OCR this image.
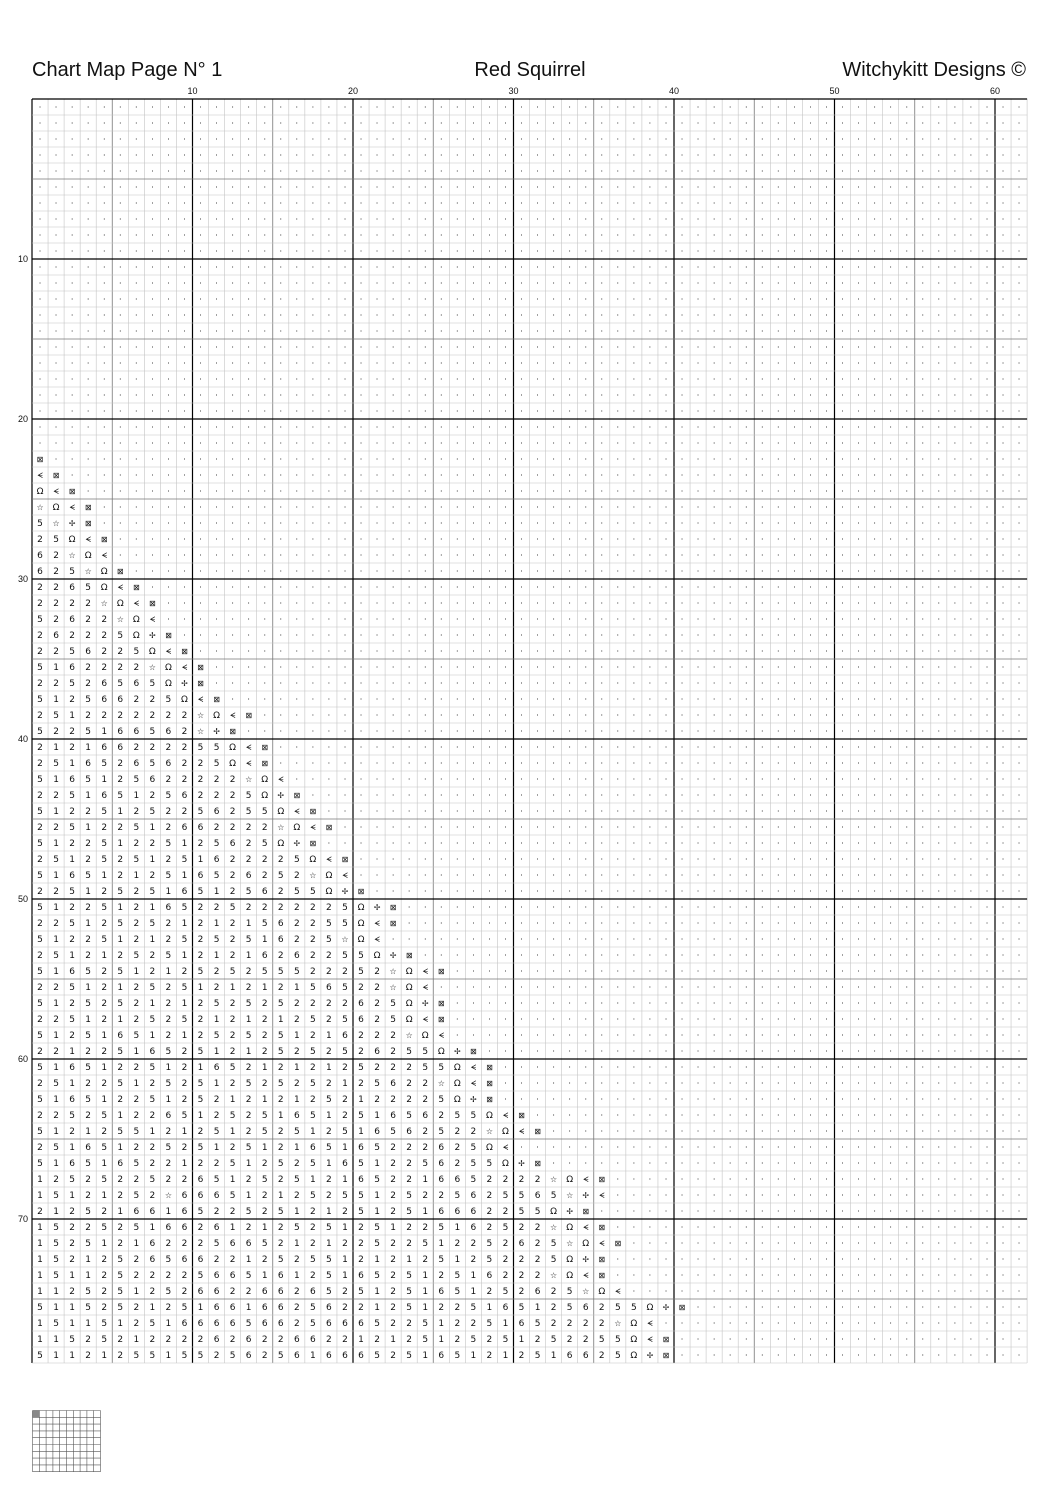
Chart Map Page N° 1	Red Squirrel	Witchykitt Designs ©
10	20	30	40	50	60
10
20
30
40
50
60
70
· · · · · · · · · · · · · · · · · · · · · · · · · · · · · · · · · · · · · · · · · · · · · · · · · · · · · · · · · · · · · ·
· · · · · · · · · · · · · · · · · · · · · · · · · · · · · · · · · · · · · · · · · · · · · · · · · · · · · · · · · · · · · ·
· · · · · · · · · · · · · · · · · · · · · · · · · · · · · · · · · · · · · · · · · · · · · · · · · · · · · · · · · · · · · ·
· · · · · · · · · · · · · · · · · · · · · · · · · · · · · · · · · · · · · · · · · · · · · · · · · · · · · · · · · · · · · ·
· · · · · · · · · · · · · · · · · · · · · · · · · · · · · · · · · · · · · · · · · · · · · · · · · · · · · · · · · · · · · ·
· · · · · · · · · · · · · · · · · · · · · · · · · · · · · · · · · · · · · · · · · · · · · · · · · · · · · · · · · · · · · ·
· · · · · · · · · · · · · · · · · · · · · · · · · · · · · · · · · · · · · · · · · · · · · · · · · · · · · · · · · · · · · ·
· · · · · · · · · · · · · · · · · · · · · · · · · · · · · · · · · · · · · · · · · · · · · · · · · · · · · · · · · · · · · ·
· · · · · · · · · · · · · · · · · · · · · · · · · · · · · · · · · · · · · · · · · · · · · · · · · · · · · · · · · · · · · ·
· · · · · · · · · · · · · · · · · · · · · · · · · · · · · · · · · · · · · · · · · · · · · · · · · · · · · · · · · · · · · ·
· · · · · · · · · · · · · · · · · · · · · · · · · · · · · · · · · · · · · · · · · · · · · · · · · · · · · · · · · · · · · ·
· · · · · · · · · · · · · · · · · · · · · · · · · · · · · · · · · · · · · · · · · · · · · · · · · · · · · · · · · · · · · ·
· · · · · · · · · · · · · · · · · · · · · · · · · · · · · · · · · · · · · · · · · · · · · · · · · · · · · · · · · · · · · ·
· · · · · · · · · · · · · · · · · · · · · · · · · · · · · · · · · · · · · · · · · · · · · · · · · · · · · · · · · · · · · ·
· · · · · · · · · · · · · · · · · · · · · · · · · · · · · · · · · · · · · · · · · · · · · · · · · · · · · · · · · · · · · ·
· · · · · · · · · · · · · · · · · · · · · · · · · · · · · · · · · · · · · · · · · · · · · · · · · · · · · · · · · · · · · ·
· · · · · · · · · · · · · · · · · · · · · · · · · · · · · · · · · · · · · · · · · · · · · · · · · · · · · · · · · · · · · ·
· · · · · · · · · · · · · · · · · · · · · · · · · · · · · · · · · · · · · · · · · · · · · · · · · · · · · · · · · · · · · ·
· · · · · · · · · · · · · · · · · · · · · · · · · · · · · · · · · · · · · · · · · · · · · · · · · · · · · · · · · · · · · ·
· · · · · · · · · · · · · · · · · · · · · · · · · · · · · · · · · · · · · · · · · · · · · · · · · · · · · · · · · · · · · ·
· · · · · · · · · · · · · · · · · · · · · · · · · · · · · · · · · · · · · · · · · · · · · · · · · · · · · · · · · · · · · ·
· · · · · · · · · · · · · · · · · · · · · · · · · · · · · · · · · · · · · · · · · · · · · · · · · · · · · · · · · · · · · ·
⊠ · · · · · · · · · · · · · · · · · · · · · · · · · · · · · · · · · · · · · · · · · · · · · · · · · · · · · · · · · · · · ·
ᗕ ⊠ · · · · · · · · · · · · · · · · · · · · · · · · · · · · · · · · · · · · · · · · · · · · · · · · · · · · · · · · · · · ·
Ω ᗕ ⊠ · · · · · · · · · · · · · · · · · · · · · · · · · · · · · · · · · · · · · · · · · · · · · · · · · · · · · · · · · · ·
☆ Ω ᗕ ⊠ · · · · · · · · · · · · · · · · · · · · · · · · · · · · · · · · · · · · · · · · · · · · · · · · · · · · · · · · · ·
5 ☆ ✢ ⊠ · · · · · · · · · · · · · · · · · · · · · · · · · · · · · · · · · · · · · · · · · · · · · · · · · · · · · · · · · ·
2 5 Ω ᗕ ⊠ · · · · · · · · · · · · · · · · · · · · · · · · · · · · · · · · · · · · · · · · · · · · · · · · · · · · · · · · ·
6 2 ☆ Ω ᗕ · · · · · · · · · · · · · · · · · · · · · · · · · · · · · · · · · · · · · · · · · · · · · · · · · · · · · · · · ·
6 2 5 ☆ Ω ⊠ · · · · · · · · · · · · · · · · · · · · · · · · · · · · · · · · · · · · · · · · · · · · · · · · · · · · · · · ·
2 2 6 5 Ω ᗕ ⊠ · · · · · · · · · · · · · · · · · · · · · · · · · · · · · · · · · · · · · · · · · · · · · · · · · · · · · · ·
2 2 2 2 ☆ Ω ᗕ ⊠ · · · · · · · · · · · · · · · · · · · · · · · · · · · · · · · · · · · · · · · · · · · · · · · · · · · · · ·
5 2 6 2 2 ☆ Ω ᗕ · · · · · · · · · · · · · · · · · · · · · · · · · · · · · · · · · · · · · · · · · · · · · · · · · · · · · ·
2 6 2 2 2 5 Ω ✢ ⊠ · · · · · · · · · · · · · · · · · · · · · · · · · · · · · · · · · · · · · · · · · · · · · · · · · · · · ·
2 2 5 6 2 2 5 Ω ᗕ ⊠ · · · · · · · · · · · · · · · · · · · · · · · · · · · · · · · · · · · · · · · · · · · · · · · · · · · ·
5 1 6 2 2 2 2 ☆ Ω ᗕ ⊠ · · · · · · · · · · · · · · · · · · · · · · · · · · · · · · · · · · · · · · · · · · · · · · · · · · ·
2 2 5 2 6 5 6 5 Ω ✢ ⊠ · · · · · · · · · · · · · · · · · · · · · · · · · · · · · · · · · · · · · · · · · · · · · · · · · · ·
5 1 2 5 6 6 2 2 5 Ω ᗕ ⊠ · · · · · · · · · · · · · · · · · · · · · · · · · · · · · · · · · · · · · · · · · · · · · · · · · ·
2 5 1 2 2 2 2 2 2 2 ☆ Ω ᗕ ⊠ · · · · · · · · · · · · · · · · · · · · · · · · · · · · · · · · · · · · · · · · · · · · · · · ·
5 2 2 5 1 6 6 5 6 2 ☆ ✢ ⊠ · · · · · · · · · · · · · · · · · · · · · · · · · · · · · · · · · · · · · · · · · · · · · · · · ·
2 1 2 1 6 6 2 2 2 2 5 5 Ω ᗕ ⊠ · · · · · · · · · · · · · · · · · · · · · · · · · · · · · · · · · · · · · · · · · · · · · · ·
2 5 1 6 5 2 6 5 6 2 2 5 Ω ᗕ ⊠ · · · · · · · · · · · · · · · · · · · · · · · · · · · · · · · · · · · · · · · · · · · · · · ·
5 1 6 5 1 2 5 6 2 2 2 2 2 ☆ Ω ᗕ · · · · · · · · · · · · · · · · · · · · · · · · · · · · · · · · · · · · · · · · · · · · · ·
2 2 5 1 6 5 1 2 5 6 2 2 2 5 Ω ✢ ⊠ · · · · · · · · · · · · · · · · · · · · · · · · · · · · · · · · · · · · · · · · · · · · ·
5 1 2 2 5 1 2 5 2 2 5 6 2 5 5 Ω ᗕ ⊠ · · · · · · · · · · · · · · · · · · · · · · · · · · · · · · · · · · · · · · · · · · · ·
2 2 5 1 2 2 5 1 2 6 6 2 2 2 2 ☆ Ω ᗕ ⊠ · · · · · · · · · · · · · · · · · · · · · · · · · · · · · · · · · · · · · · · · · · ·
5 1 2 2 5 1 2 2 5 1 2 5 6 2 5 Ω ✢ ⊠ · · · · · · · · · · · · · · · · · · · · · · · · · · · · · · · · · · · · · · · · · · · ·
2 5 1 2 5 2 5 1 2 5 1 6 2 2 2 2 5 Ω ᗕ ⊠ · · · · · · · · · · · · · · · · · · · · · · · · · · · · · · · · · · · · · · · · · ·
5 1 6 5 1 2 1 2 5 1 6 5 2 6 2 5 2 ☆ Ω ᗕ · · · · · · · · · · · · · · · · · · · · · · · · · · · · · · · · · · · · · · · · · ·
2 2 5 1 2 5 2 5 1 6 5 1 2 5 6 2 5 5 Ω ✢ ⊠ · · · · · · · · · · · · · · · · · · · · · · · · · · · · · · · · · · · · · · · · ·
5 1 2 2 5 1 2 1 6 5 2 2 5 2 2 2 2 2 2 5 Ω ✢ ⊠ · · · · · · · · · · · · · · · · · · · · · · · · · · · · · · · · · · · · · · ·
2 2 5 1 2 5 2 5 2 1 2 1 2 1 5 6 2 2 5 5 Ω ᗕ ⊠ · · · · · · · · · · · · · · · · · · · · · · · · · · · · · · · · · · · · · · ·
5 1 2 2 5 1 2 1 2 5 2 5 2 5 1 6 2 2 5 ☆ Ω ᗕ · · · · · · · · · · · · · · · · · · · · · · · · · · · · · · · · · · · · · · · ·
2 5 1 2 1 2 5 2 5 1 2 1 2 1 6 2 6 2 2 5 5 Ω ✢ ⊠ · · · · · · · · · · · · · · · · · · · · · · · · · · · · · · · · · · · · · ·
5 1 6 5 2 5 1 2 1 2 5 2 5 2 5 5 5 2 2 2 5 2 ☆ Ω ᗕ ⊠ · · · · · · · · · · · · · · · · · · · · · · · · · · · · · · · · · · · ·
2 2 5 1 2 1 2 5 2 5 1 2 1 2 1 2 1 5 6 5 2 2 ☆ Ω ᗕ · · · · · · · · · · · · · · · · · · · · · · · · · · · · · · · · · · · · ·
5 1 2 5 2 5 2 1 2 1 2 5 2 5 2 5 2 2 2 2 6 2 5 Ω ✢ ⊠ · · · · · · · · · · · · · · · · · · · · · · · · · · · · · · · · · · · ·
2 2 5 1 2 1 2 5 2 5 2 1 2 1 2 1 2 5 2 5 6 2 5 Ω ᗕ ⊠ · · · · · · · · · · · · · · · · · · · · · · · · · · · · · · · · · · · ·
5 1 2 5 1 6 5 1 2 1 2 5 2 5 2 5 1 2 1 6 2 2 2 ☆ Ω ᗕ · · · · · · · · · · · · · · · · · · · · · · · · · · · · · · · · · · · ·
2 2 1 2 2 5 1 6 5 2 5 1 2 1 2 5 2 5 2 5 2 6 2 5 5 Ω ✢ ⊠ · · · · · · · · · · · · · · · · · · · · · · · · · · · · · · · · · ·
5 1 6 5 1 2 2 5 1 2 1 6 5 2 1 2 1 2 1 2 5 2 2 2 5 5 Ω ᗕ ⊠ · · · · · · · · · · · · · · · · · · · · · · · · · · · · · · · · ·
2 5 1 2 2 5 1 2 5 2 5 1 2 5 2 5 2 5 2 1 2 5 6 2 2 ☆ Ω ᗕ ⊠ · · · · · · · · · · · · · · · · · · · · · · · · · · · · · · · · ·
5 1 6 5 1 2 2 5 1 2 5 2 1 2 1 2 1 2 5 2 1 2 2 2 2 5 Ω ✢ ⊠ · · · · · · · · · · · · · · · · · · · · · · · · · · · · · · · · ·
2 2 5 2 5 1 2 2 6 5 1 2 5 2 5 1 6 5 1 2 5 1 6 5 6 2 5 5 Ω ᗕ ⊠ · · · · · · · · · · · · · · · · · · · · · · · · · · · · · · ·
5 1 2 1 2 5 5 1 2 1 2 5 1 2 5 2 5 1 2 5 1 6 5 6 2 5 2 2 ☆ Ω ᗕ ⊠ · · · · · · · · · · · · · · · · · · · · · · · · · · · · · ·
2 5 1 6 5 1 2 2 5 2 5 1 2 5 1 2 1 6 5 1 6 5 2 2 2 6 2 5 Ω ᗕ · · · · · · · · · · · · · · · · · · · · · · · · · · · · · · · ·
5 1 6 5 1 6 5 2 2 1 2 2 5 1 2 5 2 5 1 6 5 1 2 2 5 6 2 5 5 Ω ✢ ⊠ · · · · · · · · · · · · · · · · · · · · · · · · · · · · · ·
1 2 5 2 5 2 2 5 2 2 6 5 1 2 5 2 5 1 2 1 6 5 2 2 1 6 6 5 2 2 2 2 ☆ Ω ᗕ ⊠ · · · · · · · · · · · · · · · · · · · · · · · · · ·
1 5 1 2 1 2 5 2 ☆ 6 6 6 5 1 2 1 2 5 2 5 5 1 2 5 2 2 5 6 2 5 5 6 5 ☆ ✢ ᗕ · · · · · · · · · · · · · · · · · · · · · · · · · ·
2 1 2 5 2 1 6 6 1 6 5 2 2 5 2 5 1 2 1 2 5 1 2 5 1 6 6 6 2 2 5 5 Ω ✢ ⊠ · · · · · · · · · · · · · · · · · · · · · · · · · · ·
1 5 2 2 5 2 5 1 6 6 2 6 1 2 1 2 5 2 5 1 2 5 1 2 2 5 1 6 2 5 2 2 ☆ Ω ᗕ ⊠ · · · · · · · · · · · · · · · · · · · · · · · · · ·
1 5 2 5 1 2 1 6 2 2 2 5 6 6 5 2 1 2 1 2 2 5 2 2 5 1 2 2 5 2 6 2 5 ☆ Ω ᗕ ⊠ · · · · · · · · · · · · · · · · · · · · · · · · ·
1 5 2 1 2 5 2 6 5 6 6 2 2 1 2 5 2 5 5 1 2 1 2 1 2 5 1 2 5 2 2 2 5 Ω ✢ ⊠ · · · · · · · · · · · · · · · · · · · · · · · · · ·
1 5 1 1 2 5 2 2 2 2 5 6 6 5 1 6 1 2 5 1 6 5 2 5 1 2 5 1 6 2 2 2 ☆ Ω ᗕ ⊠ · · · · · · · · · · · · · · · · · · · · · · · · · ·
1 1 2 5 2 5 1 2 5 2 6 6 2 2 6 6 2 6 5 2 5 1 2 5 1 6 5 1 2 5 2 6 2 5 ☆ Ω ᗕ · · · · · · · · · · · · · · · · · · · · · · · · ·
5 1 1 5 2 5 2 1 2 5 1 6 6 1 6 6 2 5 6 2 2 1 2 5 1 2 2 5 1 6 5 1 2 5 6 2 5 5 Ω ✢ ⊠ · · · · · · · · · · · · · · · · · · · · ·
1 5 1 1 5 1 2 5 1 6 6 6 6 5 6 6 2 5 6 6 6 5 2 2 5 1 2 2 5 1 6 5 2 2 2 2 ☆ Ω ᗕ · · · · · · · · · · · · · · · · · · · · · · ·
1 1 5 2 5 2 1 2 2 2 2 6 2 6 2 2 6 6 2 2 1 2 1 2 5 1 2 5 2 5 1 2 5 2 2 5 5 Ω ᗕ ⊠ · · · · · · · · · · · · · · · · · · · · · ·
5 1 1 2 1 2 5 5 1 5 5 2 5 6 2 5 6 1 6 6 6 5 2 5 1 6 5 1 2 1 2 5 1 6 6 2 5 Ω ✢ ⊠ · · · · · · · · · · · · · · · · · · · · · ·
